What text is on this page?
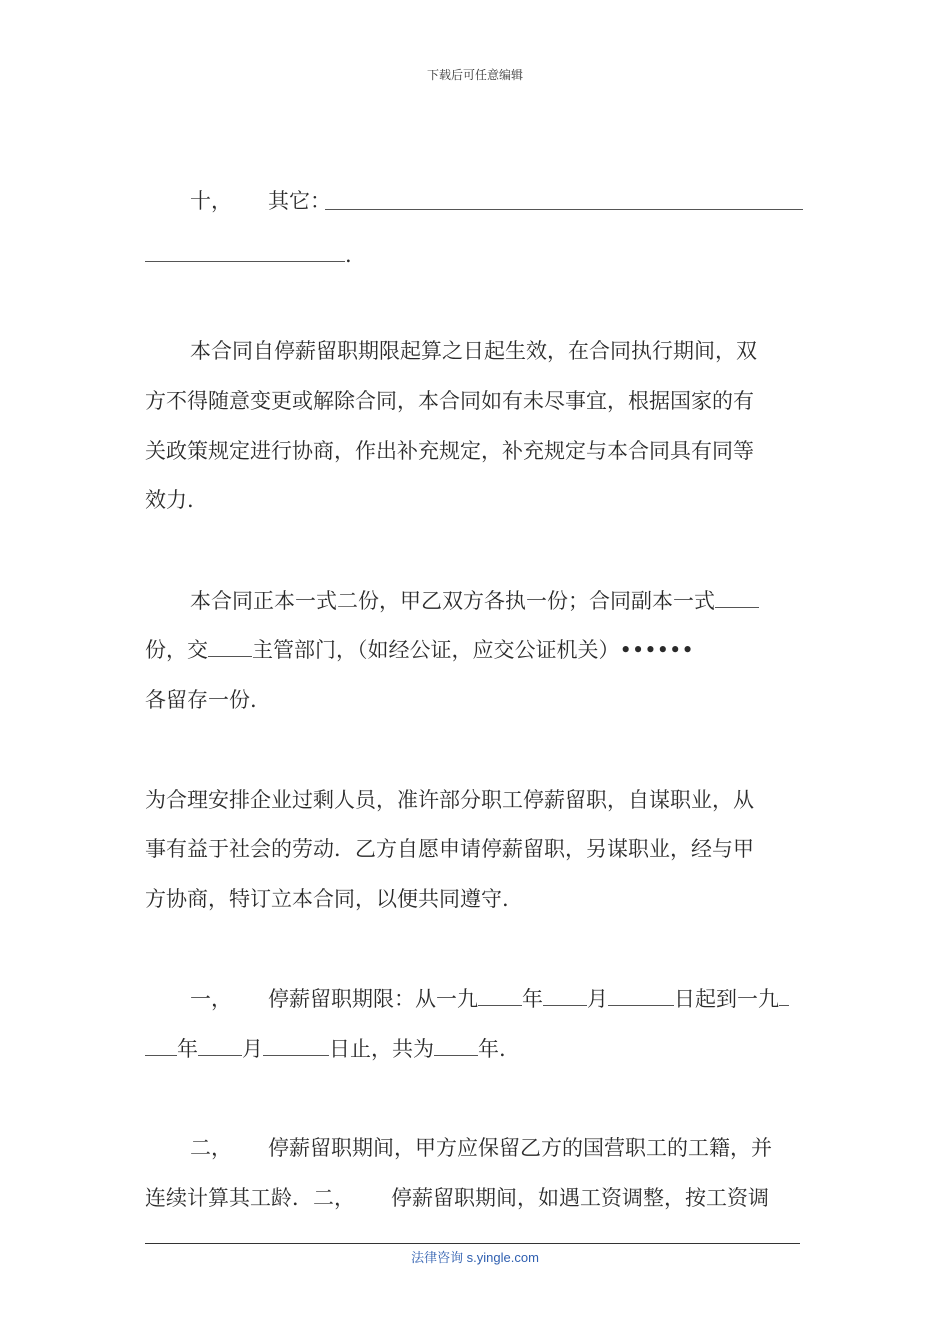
下载后可任意编辑
十， 其它：
.
本合同自停薪留职期限起算之日起生效，在合同执行期间，双
方不得随意变更或解除合同，本合同如有未尽事宜，根据国家的有
关政策规定进行协商，作出补充规定，补充规定与本合同具有同等
效力.
本合同正本一式二份，甲乙双方各执一份；合同副本一式
份，交 主管部门，（如经公证，应交公证机关）••••••
各留存一份.
为合理安排企业过剩人员，准许部分职工停薪留职，自谋职业，从
事有益于社会的劳动．乙方自愿申请停薪留职，另谋职业，经与甲
方协商，特订立本合同，以便共同遵守.
一， 停薪留职期限：从一九 年 月	日起到一九
年 月	日止，共为 年.
二， 停薪留职期间，甲方应保留乙方的国营职工的工籍，并
连续计算其工龄．二， 停薪留职期间，如遇工资调整，按工资调
法律咨询 s.yingle.com
